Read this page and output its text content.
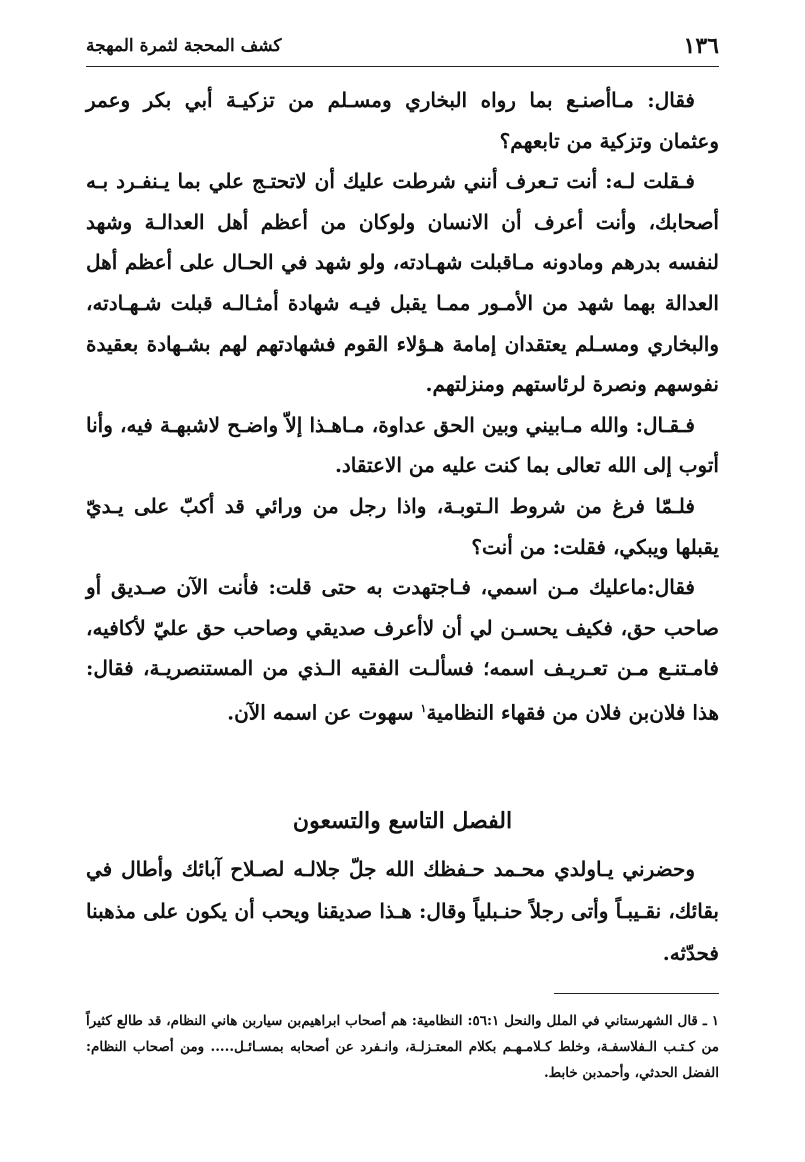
١٣٦
كشف المحجة لثمرة المهجة

فقال: مـاأصنـع بما رواه البخاري ومسـلم من تزكيـة أبي بكر وعمر وعثمان وتزكية من تابعهم؟

فـقلت لـه: أنت تـعرف أنني شرطت عليك أن لاتحتـج علي بما يـنفـرد بـه أصحابك، وأنت أعرف أن الانسان ولوكان من أعظم أهل العدالـة وشهد لنفسه بدرهم ومادونه مـاقبلت شهـادته، ولو شهد في الحـال على أعظم أهل العدالة بهما شهد من الأمـور ممـا يقبل فيـه شهادة أمثـالـه قبلت شـهـادته، والبخاري ومسـلم يعتقدان إمامة هـؤلاء القوم فشهادتهم لهم بشـهادة بعقيدة نفوسهم ونصرة لرئاستهم ومنزلتهم.

فـقـال: والله مـابيني وبين الحق عداوة، مـاهـذا إلاّ واضـح لاشبهـة فيه، وأنا أتوب إلى الله تعالى بما كنت عليه من الاعتقاد.

فلـمّا فرغ من شروط الـتوبـة، واذا رجل من ورائي قد أكبّ على يـديّ يقبلها ويبكي، فقلت: من أنت؟

فقال:ماعليك مـن اسمي، فـاجتهدت به حتى قلت: فأنت الآن صـديق أو صاحب حق، فكيف يحسـن لي أن لاأعرف صديقي وصاحب حق عليّ لأكافيه، فامـتنـع مـن تعـريـف اسمه؛ فسألـت الفقيه الـذي من المستنصريـة، فقال: هذا فلان‌بن فلان من فقهاء النظامية$^١$ سهوت عن اسمه الآن.

الفصل التاسع والتسعون

وحضرني يـاولدي محـمد حـفظك الله جلّ جلالـه لصـلاح آبائك وأطال في بقائك، نقـيبـاً وأتى رجلاً حنـبلياً وقال: هـذا صديقنا ويحب أن يكون على مذهبنا فحدّثه.

١ ـ قال الشهرستاني في الملل والنحل ٥٦:١: النظامية: هم أصحاب ابراهيم‌بن سيار‌بن هاني النظام، قد طالع كثيراً من كـتـب الـفلاسفـة، وخلط كـلامـهـم بكلام المعتـزلـة، وانـفرد عن أصحابه بمسـائـل..... ومن أصحاب النظام: الفضل الحدثي، وأحمدبن خابط.
